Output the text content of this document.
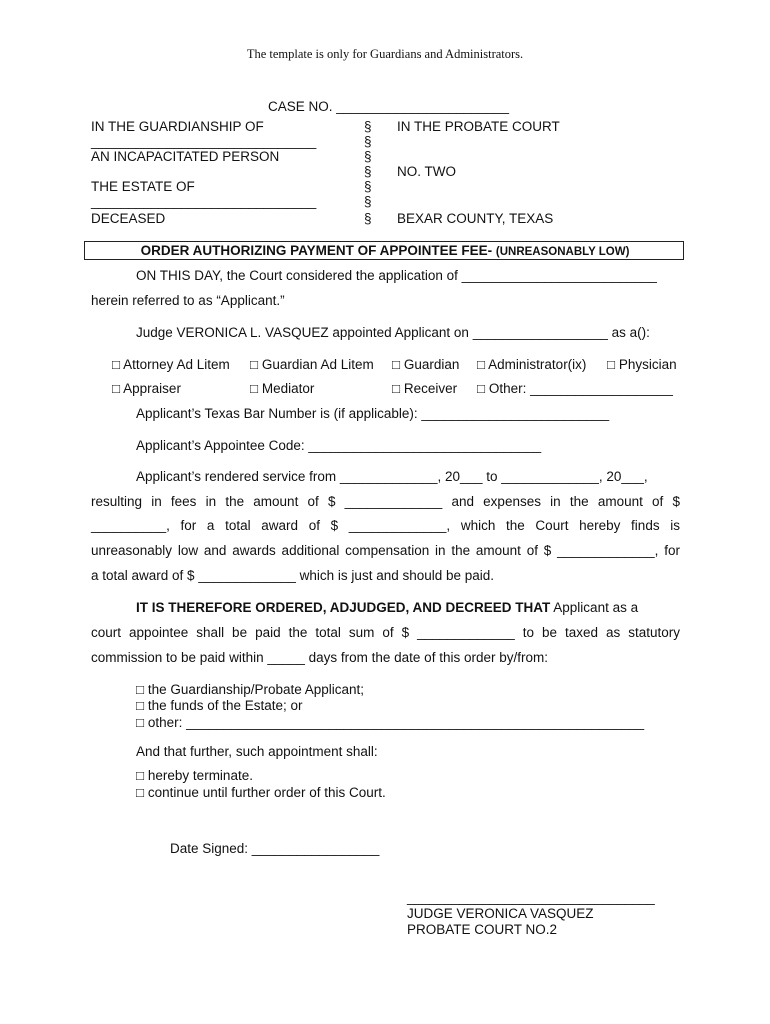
The template is only for Guardians and Administrators.
CASE NO. _______________________
IN THE GUARDIANSHIP OF
______________________________
AN INCAPACITATED PERSON
THE ESTATE OF
______________________________
DECEASED
§
§
§
§
§
§
§
IN THE PROBATE COURT
NO. TWO
BEXAR COUNTY, TEXAS
ORDER AUTHORIZING PAYMENT OF APPOINTEE FEE- (UNREASONABLY LOW)
ON THIS DAY, the Court considered the application of __________________________
herein referred to as “Applicant.”
Judge VERONICA L. VASQUEZ appointed Applicant on __________________ as a():
□ Attorney Ad Litem □ Guardian Ad Litem □ Guardian □ Administrator(ix) □ Physician
□ Appraiser	□ Mediator	□ Receiver □ Other: ___________________
Applicant’s Texas Bar Number is (if applicable): _________________________
Applicant’s Appointee Code: _______________________________
Applicant’s rendered service from _____________, 20___ to _____________, 20___,
resulting in fees in the amount of $ _____________ and expenses in the amount of $
__________, for a total award of $ _____________, which the Court hereby finds is
unreasonably low and awards additional compensation in the amount of $ _____________, for
a total award of $ _____________ which is just and should be paid.
IT IS THEREFORE ORDERED, ADJUDGED, AND DECREED THAT Applicant as a
court appointee shall be paid the total sum of $ _____________ to be taxed as statutory
commission to be paid within _____ days from the date of this order by/from:
□ the Guardianship/Probate Applicant;
□ the funds of the Estate; or
□ other: _____________________________________________________________
And that further, such appointment shall:
□ hereby terminate.
□ continue until further order of this Court.
Date Signed: _________________
_________________________________
JUDGE VERONICA VASQUEZ
PROBATE COURT NO.2
